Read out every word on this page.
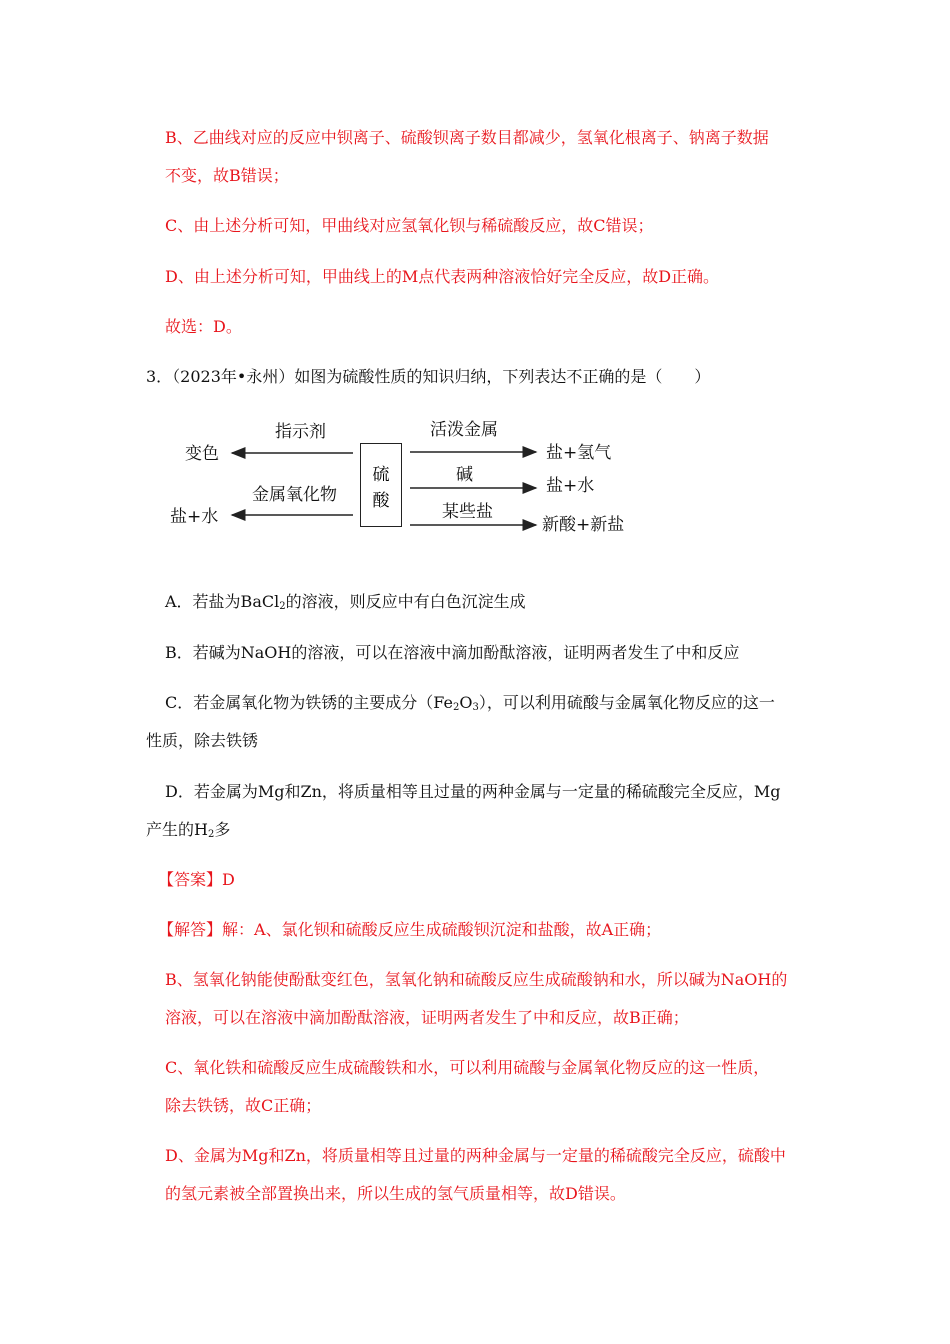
B、乙曲线对应的反应中钡离子、硫酸钡离子数目都减少，氢氧化根离子、钠离子数据
不变，故B错误；
C、由上述分析可知，甲曲线对应氢氧化钡与稀硫酸反应，故C错误；
D、由上述分析可知，甲曲线上的M点代表两种溶液恰好完全反应，故D正确。
故选：D。
3．（2023年•永州）如图为硫酸性质的知识归纳，下列表达不正确的是（　　）
硫
酸
指示剂
变色
金属氧化物
盐+水
活泼金属
盐+氢气
碱
盐+水
某些盐
新酸+新盐
A．若盐为BaCl$_2$的溶液，则反应中有白色沉淀生成
B．若碱为NaOH的溶液，可以在溶液中滴加酚酞溶液，证明两者发生了中和反应
C．若金属氧化物为铁锈的主要成分$(Fe_2O_3)$，可以利用硫酸与金属氧化物反应的这一
性质，除去铁锈
D．若金属为Mg和Zn，将质量相等且过量的两种金属与一定量的稀硫酸完全反应，Mg
产生的$H_2$多
【答案】D
【解答】解：A、氯化钡和硫酸反应生成硫酸钡沉淀和盐酸，故A正确；
B、氢氧化钠能使酚酞变红色，氢氧化钠和硫酸反应生成硫酸钠和水，所以碱为NaOH的
溶液，可以在溶液中滴加酚酞溶液，证明两者发生了中和反应，故B正确；
C、氧化铁和硫酸反应生成硫酸铁和水，可以利用硫酸与金属氧化物反应的这一性质，
除去铁锈，故C正确；
D、金属为Mg和Zn，将质量相等且过量的两种金属与一定量的稀硫酸完全反应，硫酸中
的氢元素被全部置换出来，所以生成的氢气质量相等，故D错误。
